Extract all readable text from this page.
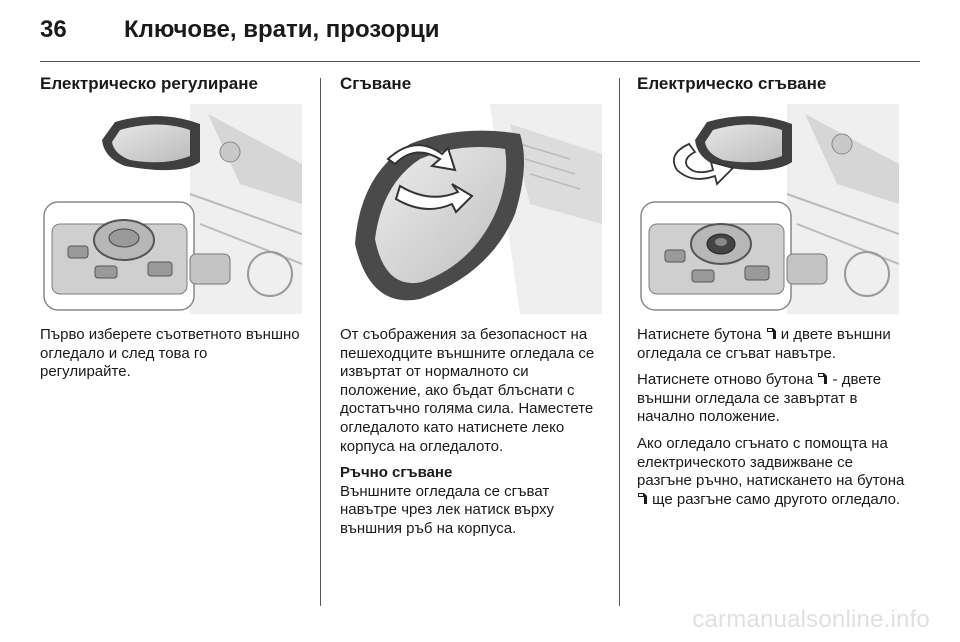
36 Ключове, врати, прозорци
Електрическо регулиране

Първо изберете съответното външно огледало и след това го регулирайте.

Сгъване

От съображения за безопасност на пешеходците външните огледала се извъртат от нормалното си положение, ако бъдат блъснати с достатъчно голяма сила. Наместете огледалото като натиснете леко корпуса на огледалото.

Ръчно сгъване

Външните огледала се сгъват навътре чрез лек натиск върху външния ръб на корпуса.

Електрическо сгъване

Натиснете бутона и двете външни огледала се сгъват навътре.

Натиснете отново бутона - двете външни огледала се завъртат в начално положение.

Ако огледало сгънато с помощта на електрическото задвижване се разгъне ръчно, натискането на бутона  ще разгъне само другото огледало.

carmanualsonline.info
